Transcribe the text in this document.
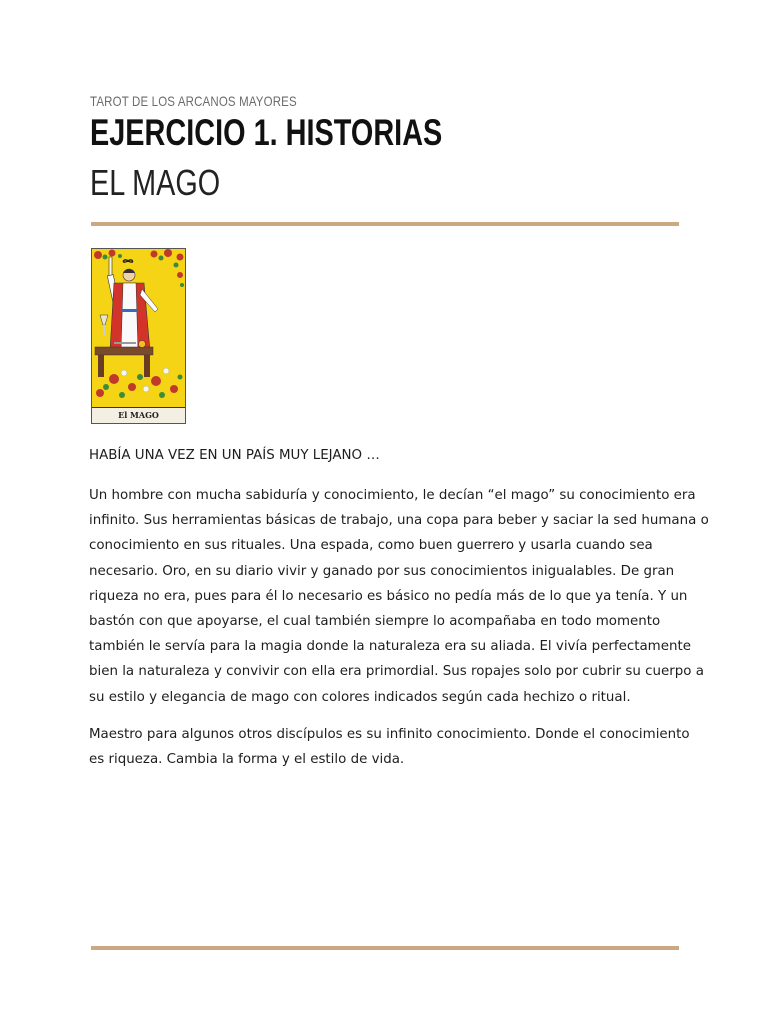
TAROT DE LOS ARCANOS MAYORES
EJERCICIO 1. HISTORIAS
EL MAGO
El MAGO

HABÍA UNA VEZ EN UN PAÍS MUY LEJANO …

Un hombre con mucha sabiduría y conocimiento, le decían “el mago” su conocimiento era
infinito. Sus herramientas básicas de trabajo, una copa para beber y saciar la sed humana o
conocimiento en sus rituales. Una espada, como buen guerrero y usarla cuando sea
necesario. Oro, en su diario vivir y ganado por sus conocimientos inigualables. De gran
riqueza no era, pues para él lo necesario es básico no pedía más de lo que ya tenía. Y un
bastón con que apoyarse, el cual también siempre lo acompañaba en todo momento
también le servía para la magia donde la naturaleza era su aliada. El vivía perfectamente
bien la naturaleza y convivir con ella era primordial. Sus ropajes solo por cubrir su cuerpo a
su estilo y elegancia de mago con colores indicados según cada hechizo o ritual.

Maestro para algunos otros discípulos es su infinito conocimiento. Donde el conocimiento
es riqueza. Cambia la forma y el estilo de vida.
